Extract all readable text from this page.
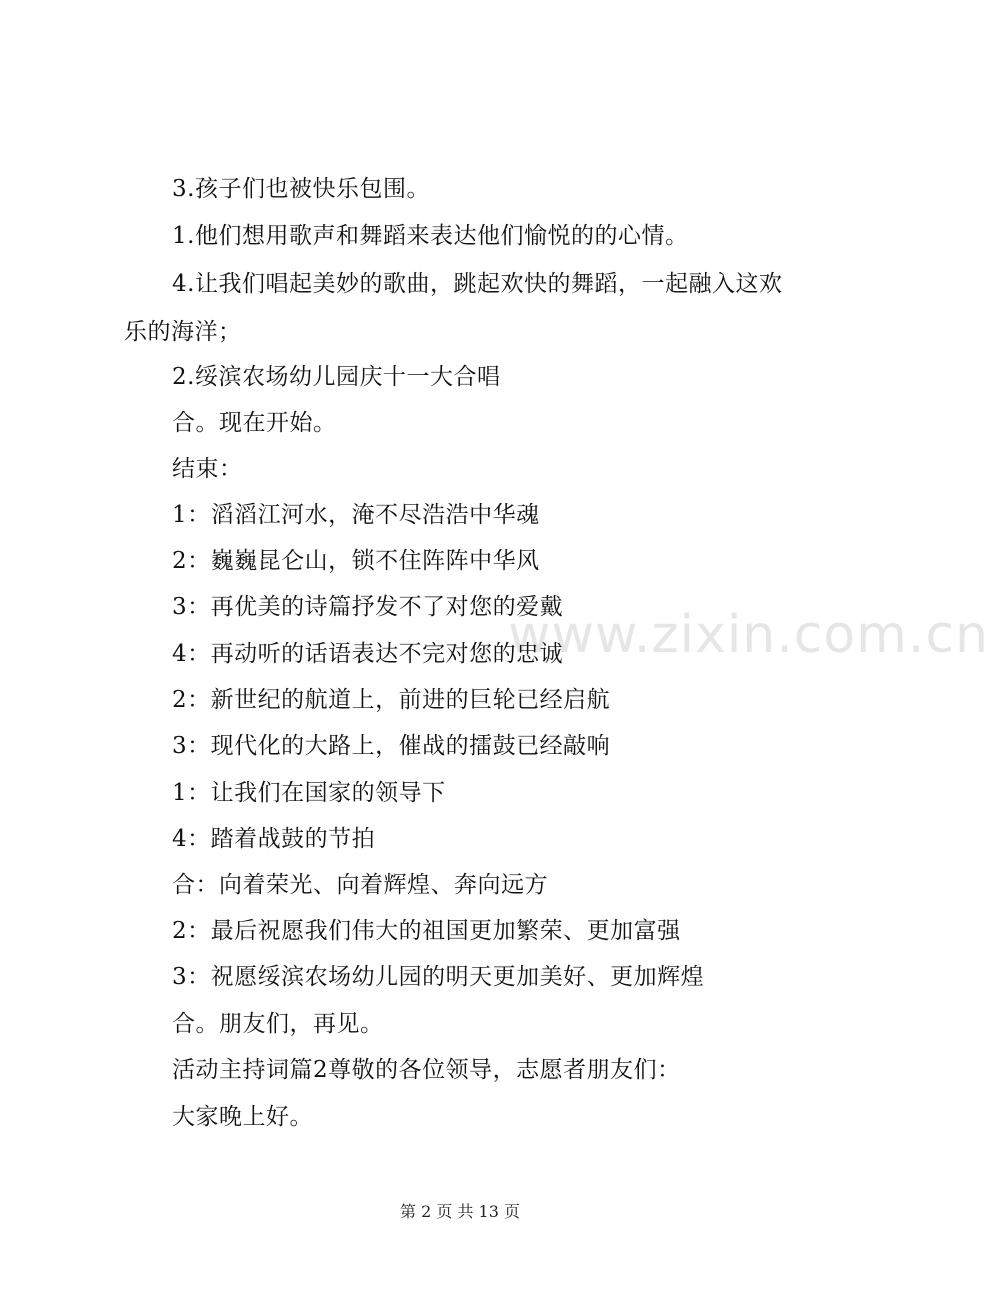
www.zixin.com.cn
3.孩子们也被快乐包围。
1.他们想用歌声和舞蹈来表达他们愉悦的的心情。
4.让我们唱起美妙的歌曲，跳起欢快的舞蹈，一起融入这欢
乐的海洋；
2.绥滨农场幼儿园庆十一大合唱
合。现在开始。
结束：
1：滔滔江河水，淹不尽浩浩中华魂
2：巍巍昆仑山，锁不住阵阵中华风
3：再优美的诗篇抒发不了对您的爱戴
4：再动听的话语表达不完对您的忠诚
2：新世纪的航道上，前进的巨轮已经启航
3：现代化的大路上，催战的擂鼓已经敲响
1：让我们在国家的领导下
4：踏着战鼓的节拍
合：向着荣光、向着辉煌、奔向远方
2：最后祝愿我们伟大的祖国更加繁荣、更加富强
3：祝愿绥滨农场幼儿园的明天更加美好、更加辉煌
合。朋友们，再见。
活动主持词篇2尊敬的各位领导，志愿者朋友们：
大家晚上好。
第 2 页 共 13 页
